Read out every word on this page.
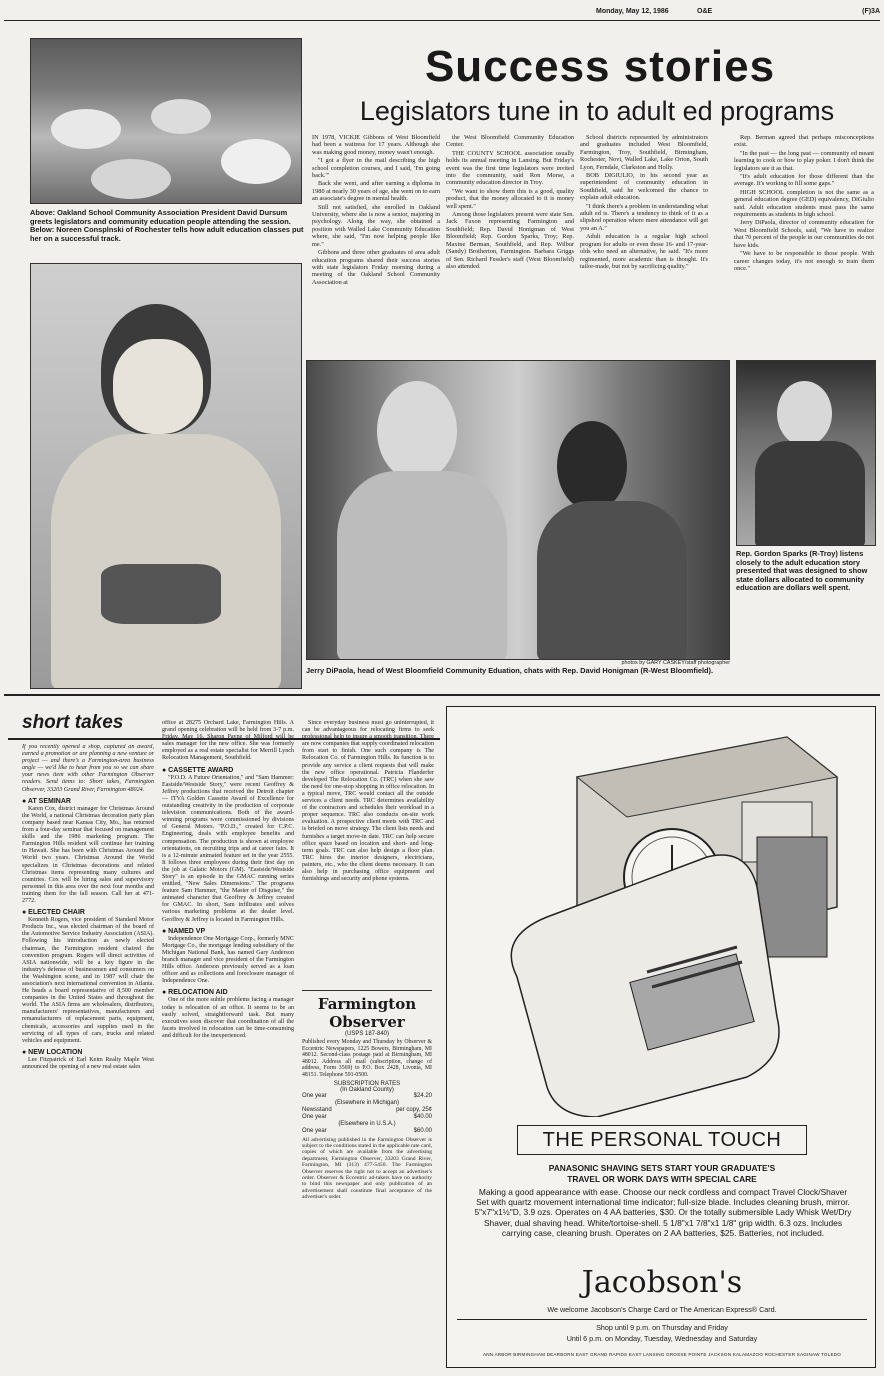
Monday, May 12, 1986	O&E	(F)3A
Above: Oakland School Community Association President David Dursum greets legislators and community education people attending the session. Below: Noreen Consplnski of Rochester tells how adult education classes put her on a successful track.
Success stories
Legislators tune in to adult ed programs

IN 1978, VICKIE Gibbons of West Bloomfield had been a waitress for 17 years. Although she was making good money, money wasn't enough.

"I got a flyer in the mail describing the high school completion courses, and I said, 'I'm going back.'"

Back she went, and after earning a diploma in 1980 at nearly 30 years of age, she went on to earn an associate's degree in mental health.

Still not satisfied, she enrolled in Oakland University, where she is now a senior, majoring in psychology. Along the way, she obtained a position with Walled Lake Community Education where, she said, "I'm now helping people like me."

Gibbons and three other graduates of area adult education programs shared their success stories with state legislators Friday morning during a meeting of the Oakland School Community Association at

the West Bloomfield Community Education Center.

THE COUNTY SCHOOL association usually holds its annual meeting in Lansing. But Friday's event was the first time legislators were invited into the community, said Ron Morse, a community education director in Troy.

"We want to show them this is a good, quality product, that the money allocated to it is money well spent."

Among those legislators present were state Sen. Jack Faxon representing Farmington and Southfield; Rep. David Honigman of West Bloomfield; Rep. Gordon Sparks, Troy; Rep. Maxine Berman, Southfield, and Rep. Wilbur (Sandy) Brotherton, Farmington. Barbara Griggs of Sen. Richard Fessler's staff (West Bloomfield) also attended.

School districts represented by administrators and graduates included West Bloomfield, Farmington, Troy, Southfield, Birmingham, Rochester, Novi, Walled Lake, Lake Orion, South Lyon, Ferndale, Clarkston and Holly.

BOB DIGIULIO, in his second year as superintendent of community education in Southfield, said he welcomed the chance to explain adult education.

"I think there's a problem in understanding what adult ed is. There's a tendency to think of it as a slipshod operation where mere attendance will get you an A."

Adult education is a regular high school program for adults or even those 16- and 17-year-olds who need an alternative, he said. "It's more regimented, more academic than is thought. It's tailor-made, but not by sacrificing quality."

Rep. Berman agreed that perhaps misconceptions exist.

"In the past — the long past — community ed meant learning to cook or how to play poker. I don't think the legislators see it as that.

"It's adult education for those different than the average. It's working to fill some gaps."

HIGH SCHOOL completion is not the same as a general education degree (GED) equivalency, DiGiulio said. Adult education students must pass the same requirements as students in high school.

Jerry DiPaola, director of community education for West Bloomfield Schools, said, "We have to realize that 70 percent of the people in our communities do not have kids.

"We have to be responsible to those people. With career changes today, it's not enough to train them once."

photos by GARY CASKEY/staff photographer
Jerry DiPaola, head of West Bloomfield Community Eduation, chats with Rep. David Honigman (R-West Bloomfield).
Rep. Gordon Sparks (R-Troy) listens closely to the adult education story presented that was designed to show state dollars allocated to community education are dollars well spent.
short takes

If you recently opened a shop, captured an award, earned a promotion or are planning a new venture or project — and there's a Farmington-area business angle — we'd like to hear from you so we can share your news item with other Farmington Observer readers. Send items to: Short takes, Farmington Observer, 33203 Grand River, Farmington 48024.

● AT SEMINAR

Karen Cox, district manager for Christmas Around the World, a national Christmas decoration party plan company based near Kansas City, Mo., has returned from a four-day seminar that focused on management skills and the 1986 marketing program. The Farmington Hills resident will continue her training in Hawaii. She has been with Christmas Around the World two years. Christmas Around the World specializes in Christmas decorations and related Christmas items representing many cultures and countries. Cox will be hiring sales and supervisory personnel in this area over the next four months and training them for the fall season. Call her at 471-2772.

● ELECTED CHAIR

Kenneth Rogers, vice president of Standard Motor Products Inc., was elected chairman of the board of the Automotive Service Industry Association (ASIA). Following his introduction as newly elected chairman, the Farmington resident chaired the convention program. Rogers will direct activities of ASIA nationwide, will be a key figure in the industry's defense of businessmen and consumers on the Washington scene, and in 1987 will chair the association's next international convention in Atlanta. He heads a board representative of 8,500 member companies in the United States and throughout the world. The ASIA firms are wholesalers, distributors, manufacturers' representatives, manufacturers and remanufacturers of replacement parts, equipment, chemicals, accessories and supplies used in the servicing of all types of cars, trucks and related vehicles and equipment.

● NEW LOCATION

Lee Fitzpatrick of Earl Keim Realty Maple West announced the opening of a new real estate sales

office at 28275 Orchard Lake, Farmington Hills. A grand opening celebration will be held from 3-7 p.m. Friday, May 16. Sharon Payne of Milford will be sales manager for the new office. She was formerly employed as a real estate specialist for Merrill Lynch Relocation Management, Southfield.

● CASSETTE AWARD

"P.O.D. A Future Orientation," and "Sam Hammer: Eastside/Westside Story," were recent Geoffrey & Jeffrey productions that received the Detroit chapter — ITVA Golden Cassette Award of Excellence for outstanding creativity in the production of corporate television communications. Both of the award-winning programs were commissioned by divisions of General Motors. "P.O.D.," created for C.P.C. Engineering, deals with employee benefits and compensation. The production is shown at employee orientations, on recruiting trips and at career fairs. It is a 12-minute animated feature set in the year 2555. It follows three employees during their first day on the job at Galatic Motors (GM). "Eastside/Westside Story" is an episode in the GMAC running series entitled, "New Sales Dimensions." The programs feature Sam Hammer, "the Master of Disguise," the animated character that Geoffrey & Jeffrey created for GMAC. In short, Sam infiltrates and solves various marketing problems at the dealer level. Geoffrey & Jeffrey is located in Farmington Hills.

● NAMED VP

Independence One Mortgage Corp., formerly MNC Mortgage Co., the mortgage lending subsidiary of the Michigan National Bank, has named Gary Anderson branch manager and vice president of the Farmington Hills office. Anderson previously served as a loan officer and as collections and foreclosure manager of Independence One.

● RELOCATION AID

One of the more subtle problems facing a manager today is relocation of an office. It seems to be an easily solved, straightforward task. But many executives soon discover that coordination of all the facets involved in relocation can be time-consuming and difficult for the inexperienced.

Since everyday business must go uninterrupted, it can be advantageous for relocating firms to seek professional help to insure a smooth transition. There are now companies that supply coordinated relocation from start to finish. One such company is The Relocation Co. of Farmington Hills. Its function is to provide any service a client requests that will make the new office operational. Patricia Flanderfer developed The Relocation Co. (TRC) when she saw the need for one-stop shopping in office relocation. In a typical move, TRC would contact all the outside services a client needs. TRC determines availability of the contractors and schedules their workload in a proper sequence. TRC also conducts on-site work evaluation. A prospective client meets with TRC and is briefed on move strategy. The client lists needs and furnishes a target move-in date. TRC can help secure office space based on location and short- and long-term goals. TRC can also help design a floor plan. TRC hires the interior designers, electricians, painters, etc., who the client deems necessary. It can also help in purchasing office equipment and furnishings and security and phone systems.

Farmington
Observer
(USPS 187-840)
Published every Monday and Thursday by Observer & Eccentric Newspapers, 1225 Bowers, Birmingham, MI 48012. Second-class postage paid at Birmingham, MI 48012. Address all mail (subscription, change of address, Form 3569) to P.O. Box 2428, Livonia, MI 48151. Telephone 591-0500.
SUBSCRIPTION RATES
(In Oakland County)
One year	$24.20
(Elsewhere in Michigan)
Newsstand	per copy, 25¢
One year	$40.00
(Elsewhere in U.S.A.)
One year	$60.00
All advertising published in the Farmington Observer is subject to the conditions stated in the applicable rate card, copies of which are available from the advertising department, Farmington Observer, 33203 Grand River, Farmington, MI (313) 477-5450. The Farmington Observer reserves the right not to accept an advertiser's order. Observer & Eccentric ad-takers have no authority to bind this newspaper and only publication of an advertisement shall constitute final acceptance of the advertiser's order.
THE PERSONAL TOUCH
PANASONIC SHAVING SETS START YOUR GRADUATE'S
TRAVEL OR WORK DAYS WITH SPECIAL CARE
Making a good appearance with ease. Choose our neck cordless and compact Travel Clock/Shaver Set with quartz movement international time indicator; full-size blade. Includes cleaning brush, mirror. 5"x7"x1½"D, 3.9 ozs. Operates on 4 AA batteries, $30. Or the totally submersible Lady Whisk Wet/Dry Shaver, dual shaving head. White/tortoise-shell. 5 1/8"x1 7/8"x1 1/8" grip width. 6.3 ozs. Includes carrying case, cleaning brush. Operates on 2 AA batteries, $25. Batteries, not included.
Jacobson's
We welcome Jacobson's Charge Card or The American Express® Card.
Shop until 9 p.m. on Thursday and Friday
Until 6 p.m. on Monday, Tuesday, Wednesday and Saturday
ANN ARBOR BIRMINGHAM DEARBORN EAST GRAND RAPIDS EAST LANSING GROSSE POINTE JACKSON KALAMAZOO ROCHESTER SAGINAW TOLEDO
